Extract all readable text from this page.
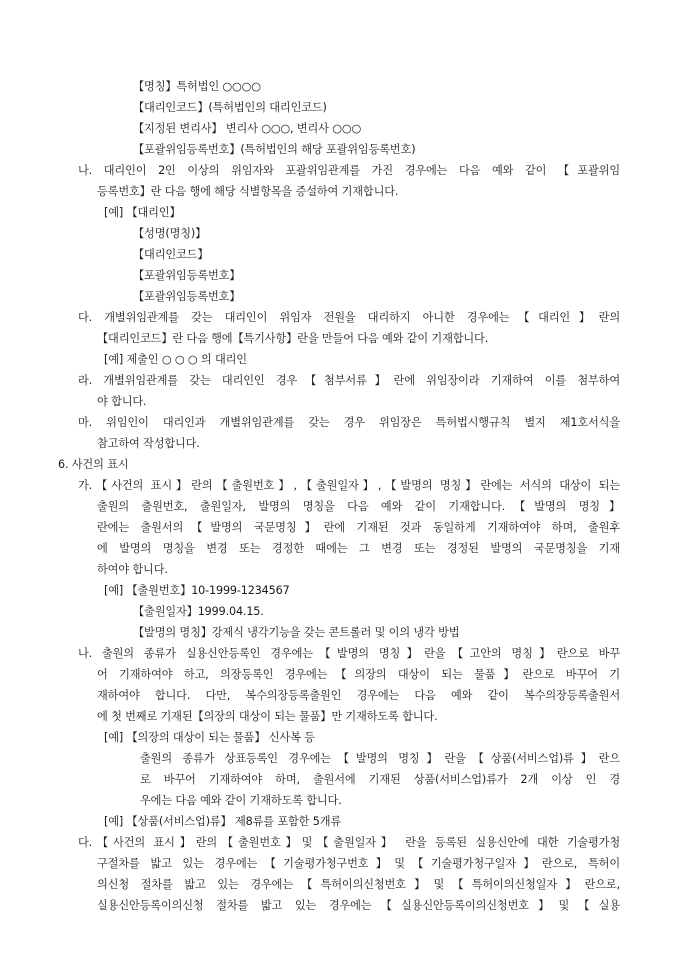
【명칭】특허법인 ○○○○
【대리인코드】(특허법인의 대리인코드)
【지정된 변리사】 변리사 ○○○, 변리사 ○○○
【포괄위임등록번호】(특허법인의 해당 포괄위임등록번호)
나. 대리인이 2인 이상의 위임자와 포괄위임관계를 가진 경우에는 다음 예와 같이 【포괄위임
등록번호】란 다음 행에 해당 식별항목을 증설하여 기재합니다.
[예] 【대리인】
【성명(명칭)】
【대리인코드】
【포괄위임등록번호】
【포괄위임등록번호】
다. 개별위임관계를 갖는 대리인이 위임자 전원을 대리하지 아니한 경우에는【대리인】란의
【대리인코드】란 다음 행에【특기사항】란을 만들어 다음 예와 같이 기재합니다.
[예] 제출인 ○ ○ ○ 의 대리인
라. 개별위임관계를 갖는 대리인인 경우【첨부서류】란에 위임장이라 기재하여 이를 첨부하여
야 합니다.
마. 위임인이 대리인과 개별위임관계를 갖는 경우 위임장은 특허법시행규칙 별지 제1호서식을
참고하여 작성합니다.
6. 사건의 표시
가.【사건의 표시】란의【출원번호】,【출원일자】,【발명의 명칭】란에는 서식의 대상이 되는
출원의 출원번호, 출원일자, 발명의 명칭을 다음 예와 같이 기재합니다.【발명의 명칭】
란에는 출원서의【발명의 국문명칭】란에 기재된 것과 동일하게 기재하여야 하며, 출원후
에 발명의 명칭을 변경 또는 경정한 때에는 그 변경 또는 경정된 발명의 국문명칭을 기재
하여야 합니다.
[예] 【출원번호】10-1999-1234567
【출원일자】1999.04.15.
【발명의 명칭】강제식 냉각기능을 갖는 콘트롤러 및 이의 냉각 방법
나. 출원의 종류가 실용신안등록인 경우에는【발명의 명칭】란을【고안의 명칭】란으로 바꾸
어 기재하여야 하고, 의장등록인 경우에는【의장의 대상이 되는 물품】란으로 바꾸어 기
재하여야 합니다. 다만, 복수의장등록출원인 경우에는 다음 예와 같이 복수의장등록출원서
에 첫 번째로 기재된【의장의 대상이 되는 물품】만 기재하도록 합니다.
[예] 【의장의 대상이 되는 물품】 신사복 등
출원의 종류가 상표등록인 경우에는【발명의 명칭】란을【상품(서비스업)류】란으
로 바꾸어 기재하여야 하며, 출원서에 기재된 상품(서비스업)류가 2개 이상 인 경
우에는 다음 예와 같이 기재하도록 합니다.
[예] 【상품(서비스업)류】 제8류를 포함한 5개류
다.【사건의 표시】란의【출원번호】및【출원일자】 란을 등록된 실용신안에 대한 기술평가청
구절차를 밟고 있는 경우에는【기술평가청구번호】및【기술평가청구일자】란으로, 특허이
의신청 절차를 밟고 있는 경우에는【특허이의신청번호】및【특허이의신청일자】란으로,
실용신안등록이의신청 절차를 밟고 있는 경우에는【실용신안등록이의신청번호】및【실용
